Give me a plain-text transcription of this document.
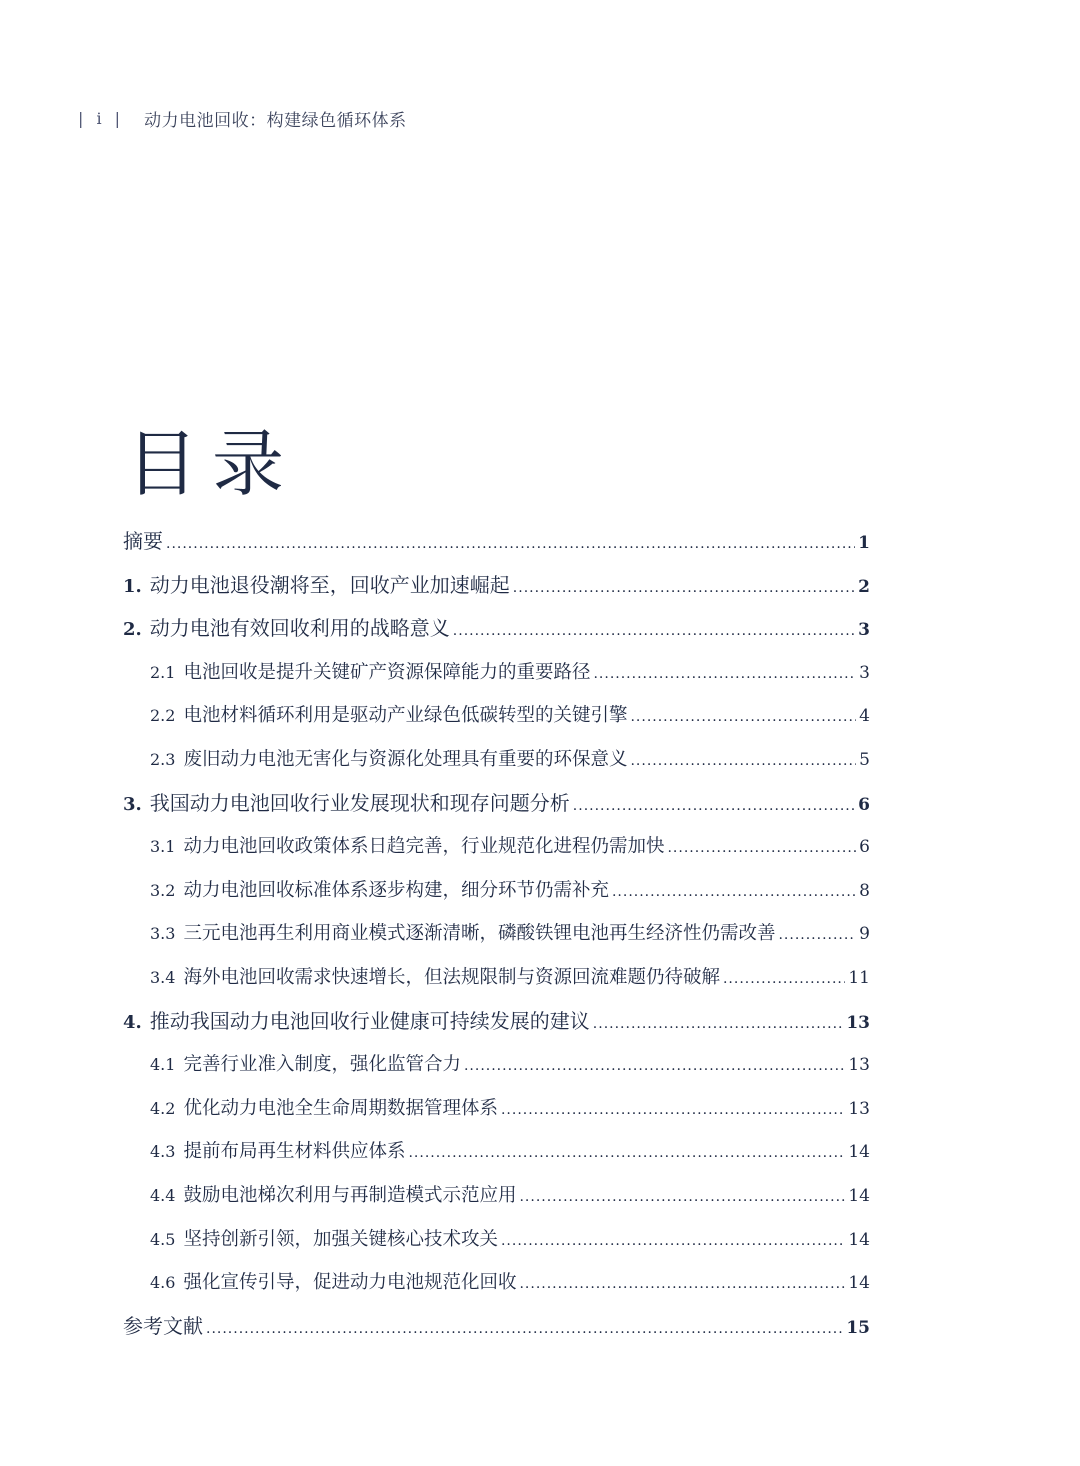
| i | 动力电池回收：构建绿色循环体系
目录
摘要 .....	1
1. 动力电池退役潮将至，回收产业加速崛起 .....	2
2. 动力电池有效回收利用的战略意义 .....	3
2.1 电池回收是提升关键矿产资源保障能力的重要路径 .....	3
2.2 电池材料循环利用是驱动产业绿色低碳转型的关键引擎 .....	4
2.3 废旧动力电池无害化与资源化处理具有重要的环保意义 .....	5
3. 我国动力电池回收行业发展现状和现存问题分析 .....	6
3.1 动力电池回收政策体系日趋完善，行业规范化进程仍需加快 .....	6
3.2 动力电池回收标准体系逐步构建，细分环节仍需补充 .....	8
3.3 三元电池再生利用商业模式逐渐清晰，磷酸铁锂电池再生经济性仍需改善 .....	9
3.4 海外电池回收需求快速增长，但法规限制与资源回流难题仍待破解 .....	11
4. 推动我国动力电池回收行业健康可持续发展的建议 .....	13
4.1 完善行业准入制度，强化监管合力 .....	13
4.2 优化动力电池全生命周期数据管理体系 .....	13
4.3 提前布局再生材料供应体系 .....	14
4.4 鼓励电池梯次利用与再制造模式示范应用 .....	14
4.5 坚持创新引领，加强关键核心技术攻关 .....	14
4.6 强化宣传引导，促进动力电池规范化回收 .....	14
参考文献 .....	15
